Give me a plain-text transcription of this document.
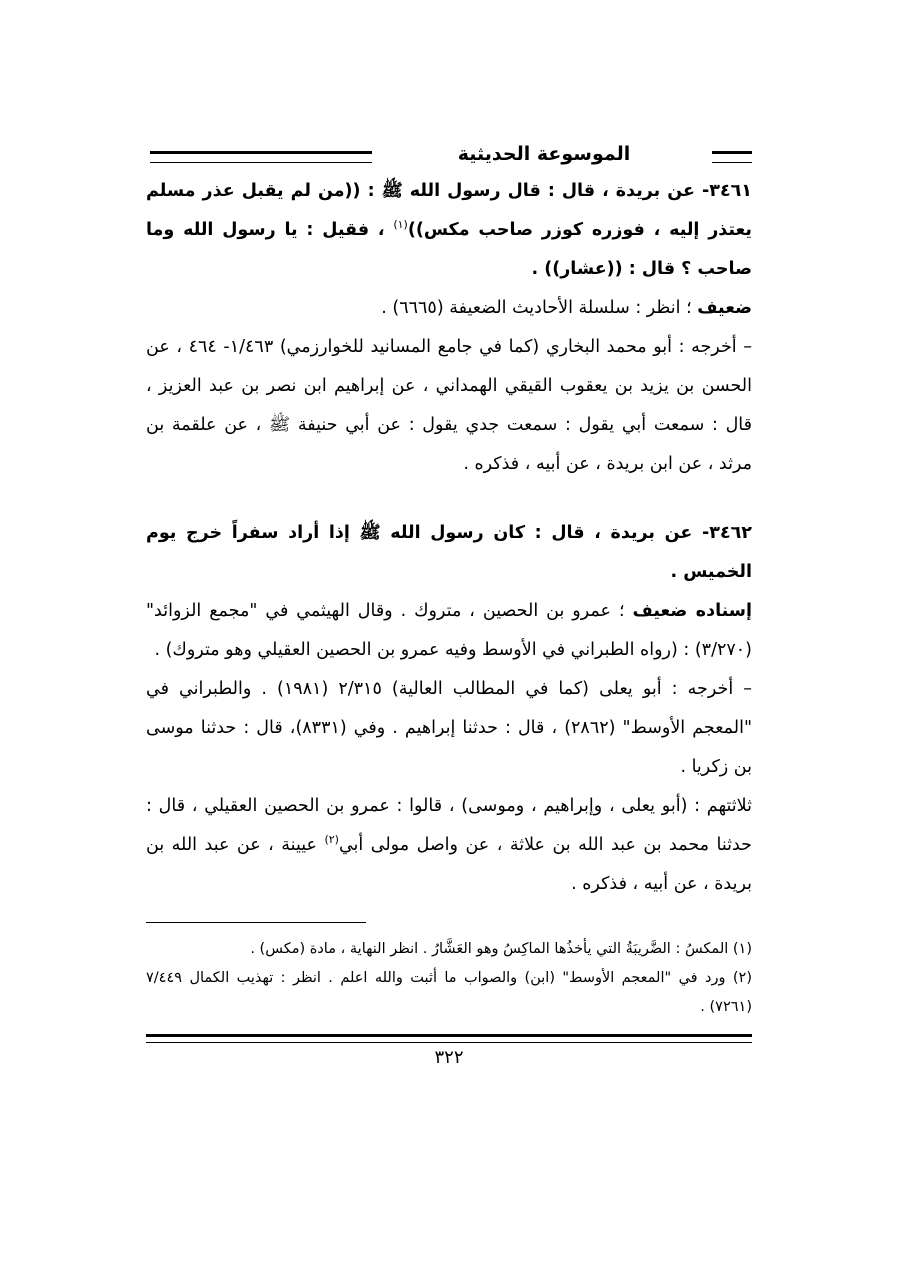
الموسوعة الحديثية

٣٤٦١- عن بريدة ، قال : قال رسول الله ﷺ : ((من لم يقبل عذر مسلم يعتذر إليه ، فوزره كوزر صاحب مكس))$^{(١)}$ ، فقيل : يا رسول الله وما صاحب ؟ قال : ((عشار)) .

ضعيف ؛ انظر : سلسلة الأحاديث الضعيفة (٦٦٦٥) .

– أخرجه : أبو محمد البخاري (كما في جامع المسانيد للخوارزمي) ١/٤٦٣- ٤٦٤ ، عن الحسن بن يزيد بن يعقوب القيقي الهمداني ، عن إبراهيم ابن نصر بن عبد العزيز ، قال : سمعت أبي يقول : سمعت جدي يقول : عن أبي حنيفة ﷺ ، عن علقمة بن مرثد ، عن ابن بريدة ، عن أبيه ، فذكره .

٣٤٦٢- عن بريدة ، قال : كان رسول الله ﷺ إذا أراد سفراً خرج يوم الخميس .

إسناده ضعيف ؛ عمرو بن الحصين ، متروك . وقال الهيثمي في "مجمع الزوائد" (٣/٢٧٠) : (رواه الطبراني في الأوسط وفيه عمرو بن الحصين العقيلي وهو متروك) .

– أخرجه : أبو يعلى (كما في المطالب العالية) ٢/٣١٥ (١٩٨١) . والطبراني في "المعجم الأوسط" (٢٨٦٢) ، قال : حدثنا إبراهيم . وفي (٨٣٣١)، قال : حدثنا موسى بن زكريا .

ثلاثتهم : (أبو يعلى ، وإبراهيم ، وموسى) ، قالوا : عمرو بن الحصين العقيلي ، قال : حدثنا محمد بن عبد الله بن علاثة ، عن واصل مولى أبي$^{(٢)}$ عيينة ، عن عبد الله بن بريدة ، عن أبيه ، فذكره .

(١) المكسُ : الضَّريبَةُ التي يأخذُها الماكِسُ وهو العَشَّارُ . انظر النهاية ، مادة (مكس) .

(٢) ورد في "المعجم الأوسط" (ابن) والصواب ما أثبت والله اعلم . انظر : تهذيب الكمال ٧/٤٤٩ (٧٢٦١) .

٣٢٢
